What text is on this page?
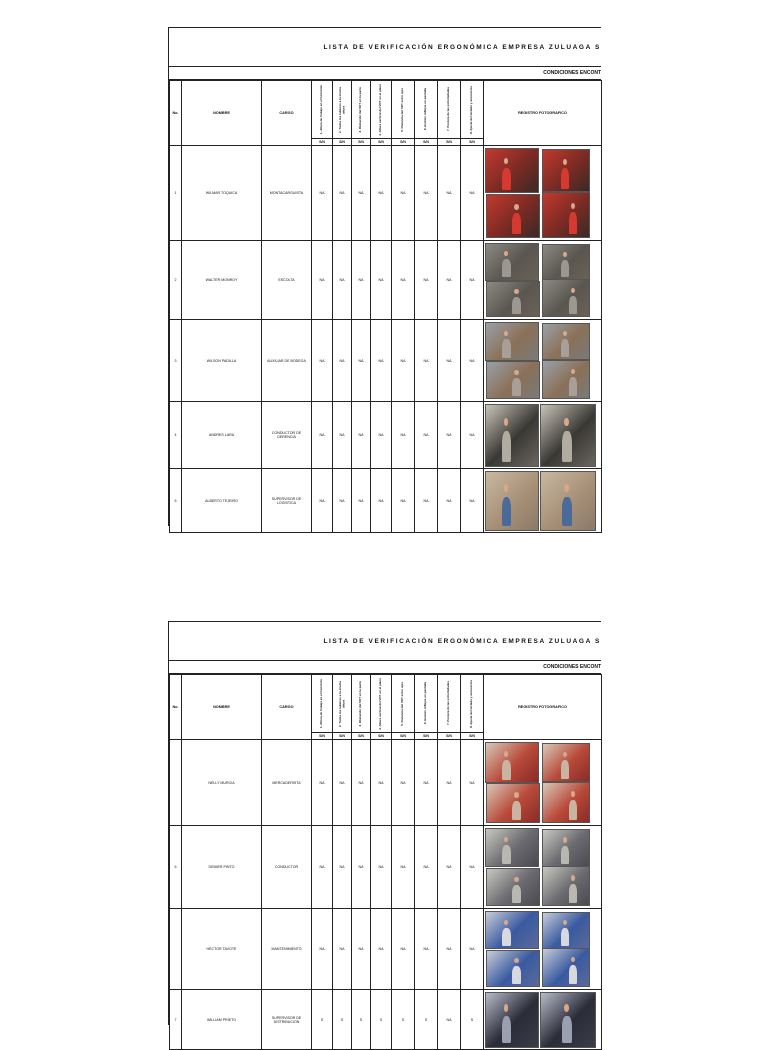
LISTA DE VERIFICACIÓN ERGONÓMICA EMPRESA ZULUAGA S
CONDICIONES ENCONT
No.	NOMBRE	CARGO	1. Altura de trabajo en el horizonte	2. Todos los tableros a la misma altura	3. Ubicación del VDT en la parte	4. Altura vertical del VDT en el plano	5. Distancia del VDT entre ojos	6. Existen reflejos en pantalla	7. Postura de las extremidades	8. Ajuste del teclado y accesorios	REGISTRO FOTOGRAFICO
			S/N	S/N	S/N	S/N	S/N	S/N	S/N	S/N	
1	WILMAR TOQUICA	MONTACARGUISTA	NA	NA	NA	NA	NA	NA	NA	NA	

2	WALTER MONROY	ESCOLTA	NA	NA	NA	NA	NA	NA	NA	NA	

3	WILSON PADILLA	AUXILIAR DE BODEGA	NA	NA	NA	NA	NA	NA	NA	NA	

4	ANDRES LARA	CONDUCTOR DE GERENCIA	NA	NA	NA	NA	NA	NA	NA	NA	

5	ALBERTO TEJEIRO	SUPERVISOR DE LOGISTICA	NA	NA	NA	NA	NA	NA	NA	NA	
LISTA DE VERIFICACIÓN ERGONÓMICA EMPRESA ZULUAGA S
CONDICIONES ENCONT
No.	NOMBRE	CARGO	1. Altura de trabajo en el horizonte	2. Todos los tableros a la misma altura	3. Ubicación del VDT en la parte	4. Altura vertical del VDT en el plano	5. Distancia del VDT entre ojos	6. Existen reflejos en pantalla	7. Postura de las extremidades	8. Ajuste del teclado y accesorios	REGISTRO FOTOGRAFICO
			S/N	S/N	S/N	S/N	S/N	S/N	S/N	S/N	
	NELLY MURCIA	MERCADERISTA	NA	NA	NA	NA	NA	NA	NA	NA	

6	DEIMER PINTO	CONDUCTOR	NA	NA	NA	NA	NA	NA	NA	NA	

	HECTOR TAVOTE	MANTENIMIENTO	NA	NA	NA	NA	NA	NA	NA	NA	

7	WILLIAM PRIETO	SUPERVISOR DE DISTRIBUCION	S	S	S	S	S	S	NA	S	
